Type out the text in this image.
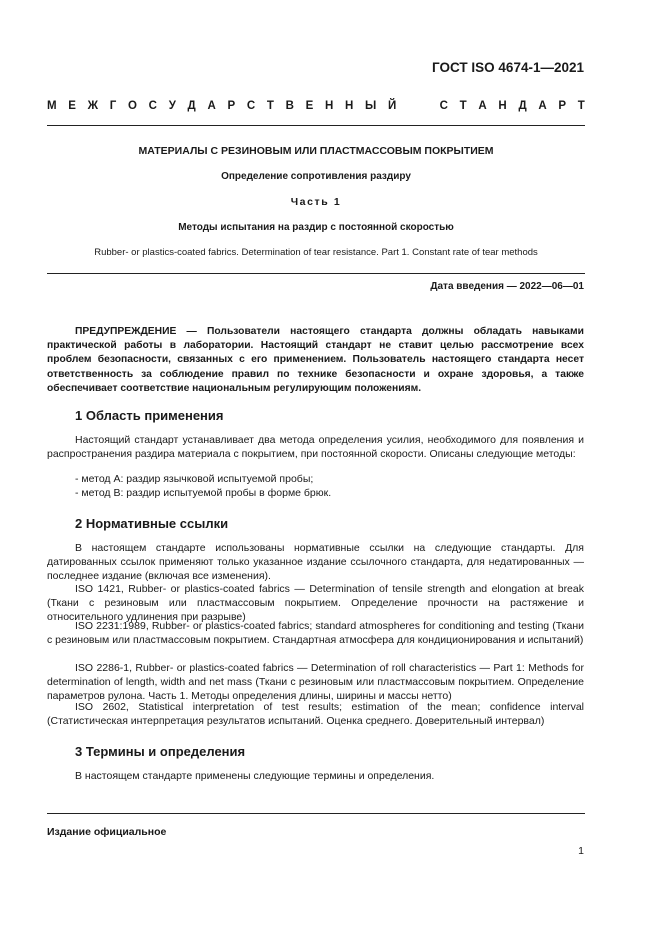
ГОСТ ISO 4674-1—2021
М Е Ж Г О С У Д А Р С Т В Е Н Н Ы Й	С Т А Н Д А Р Т
МАТЕРИАЛЫ С РЕЗИНОВЫМ ИЛИ ПЛАСТМАССОВЫМ ПОКРЫТИЕМ
Определение сопротивления раздиру
Часть 1
Методы испытания на раздир с постоянной скоростью
Rubber- or plastics-coated fabrics. Determination of tear resistance. Part 1. Constant rate of tear methods
Дата введения — 2022—06—01

ПРЕДУПРЕЖДЕНИЕ — Пользователи настоящего стандарта должны обладать навыками практической работы в лаборатории. Настоящий стандарт не ставит целью рассмотрение всех проблем безопасности, связанных с его применением. Пользователь настоящего стандарта несет ответственность за соблюдение правил по технике безопасности и охране здоровья, а также обеспечивает соответствие национальным регулирующим положениям.

1 Область применения

Настоящий стандарт устанавливает два метода определения усилия, необходимого для появления и распространения раздира материала с покрытием, при постоянной скорости. Описаны следующие методы:

- метод А: раздир язычковой испытуемой пробы;
- метод В: раздир испытуемой пробы в форме брюк.
2 Нормативные ссылки

В настоящем стандарте использованы нормативные ссылки на следующие стандарты. Для датированных ссылок применяют только указанное издание ссылочного стандарта, для недатированных — последнее издание (включая все изменения).

ISO 1421, Rubber- or plastics-coated fabrics — Determination of tensile strength and elongation at break (Ткани с резиновым или пластмассовым покрытием. Определение прочности на растяжение и относительного удлинения при разрыве)

ISO 2231:1989, Rubber- or plastics-coated fabrics; standard atmospheres for conditioning and testing (Ткани с резиновым или пластмассовым покрытием. Стандартная атмосфера для кондиционирования и испытаний)

ISO 2286-1, Rubber- or plastics-coated fabrics — Determination of roll characteristics — Part 1: Methods for determination of length, width and net mass (Ткани с резиновым или пластмассовым покрытием. Определение параметров рулона. Часть 1. Методы определения длины, ширины и массы нетто)

ISO 2602, Statistical interpretation of test results; estimation of the mean; confidence interval (Статистическая интерпретация результатов испытаний. Оценка среднего. Доверительный интервал)

3 Термины и определения

В настоящем стандарте применены следующие термины и определения.

Издание официальное
1
